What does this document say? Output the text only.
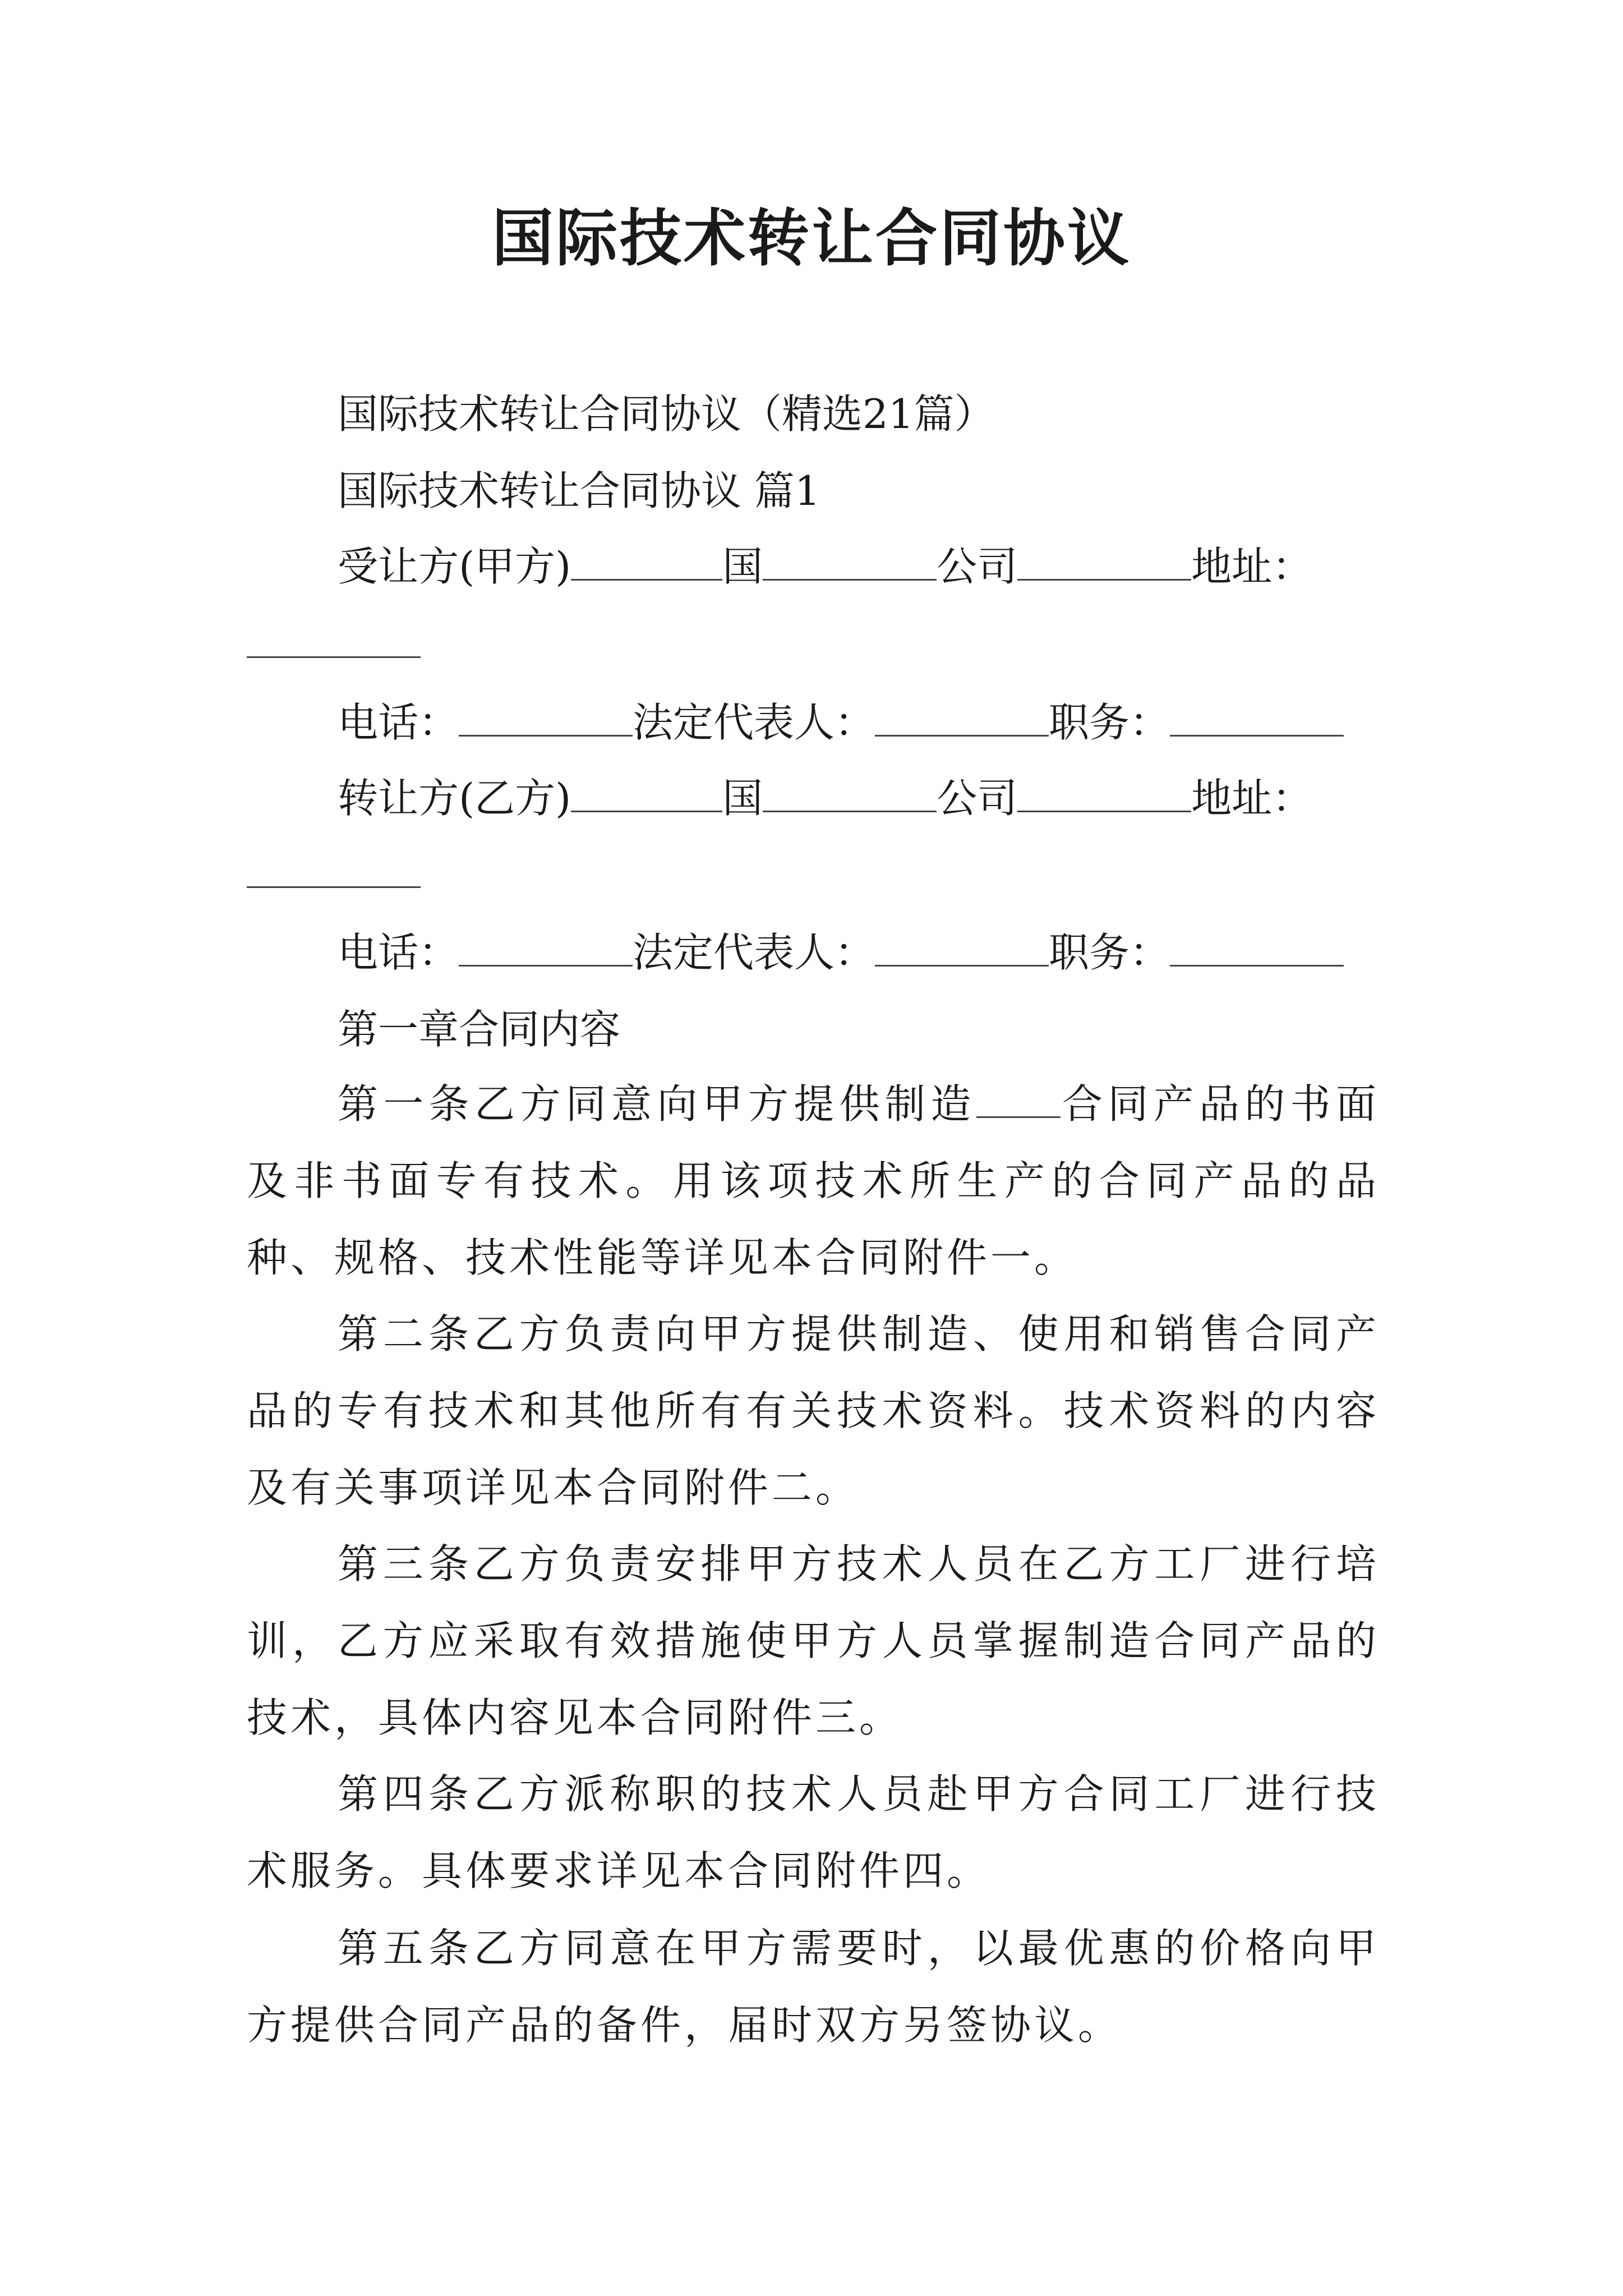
国际技术转让合同协议
国际技术转让合同协议（精选21篇）
国际技术转让合同协议 篇1
受让方(甲方)	国	公司	地址：
电话：	法定代表人：	职务：
转让方(乙方)	国	公司	地址：
电话：	法定代表人：	职务：
第一章合同内容
第一条乙方同意向甲方提供制造 合同产品的书面及非书面专有技术。用该项技术所生产的合同产品的品种、规格、技术性能等详见本合同附件一。
第二条乙方负责向甲方提供制造、使用和销售合同产品的专有技术和其他所有有关技术资料。技术资料的内容及有关事项详见本合同附件二。
第三条乙方负责安排甲方技术人员在乙方工厂进行培训，乙方应采取有效措施使甲方人员掌握制造合同产品的技术，具体内容见本合同附件三。
第四条乙方派称职的技术人员赴甲方合同工厂进行技术服务。具体要求详见本合同附件四。
第五条乙方同意在甲方需要时，以最优惠的价格向甲方提供合同产品的备件，届时双方另签协议。
